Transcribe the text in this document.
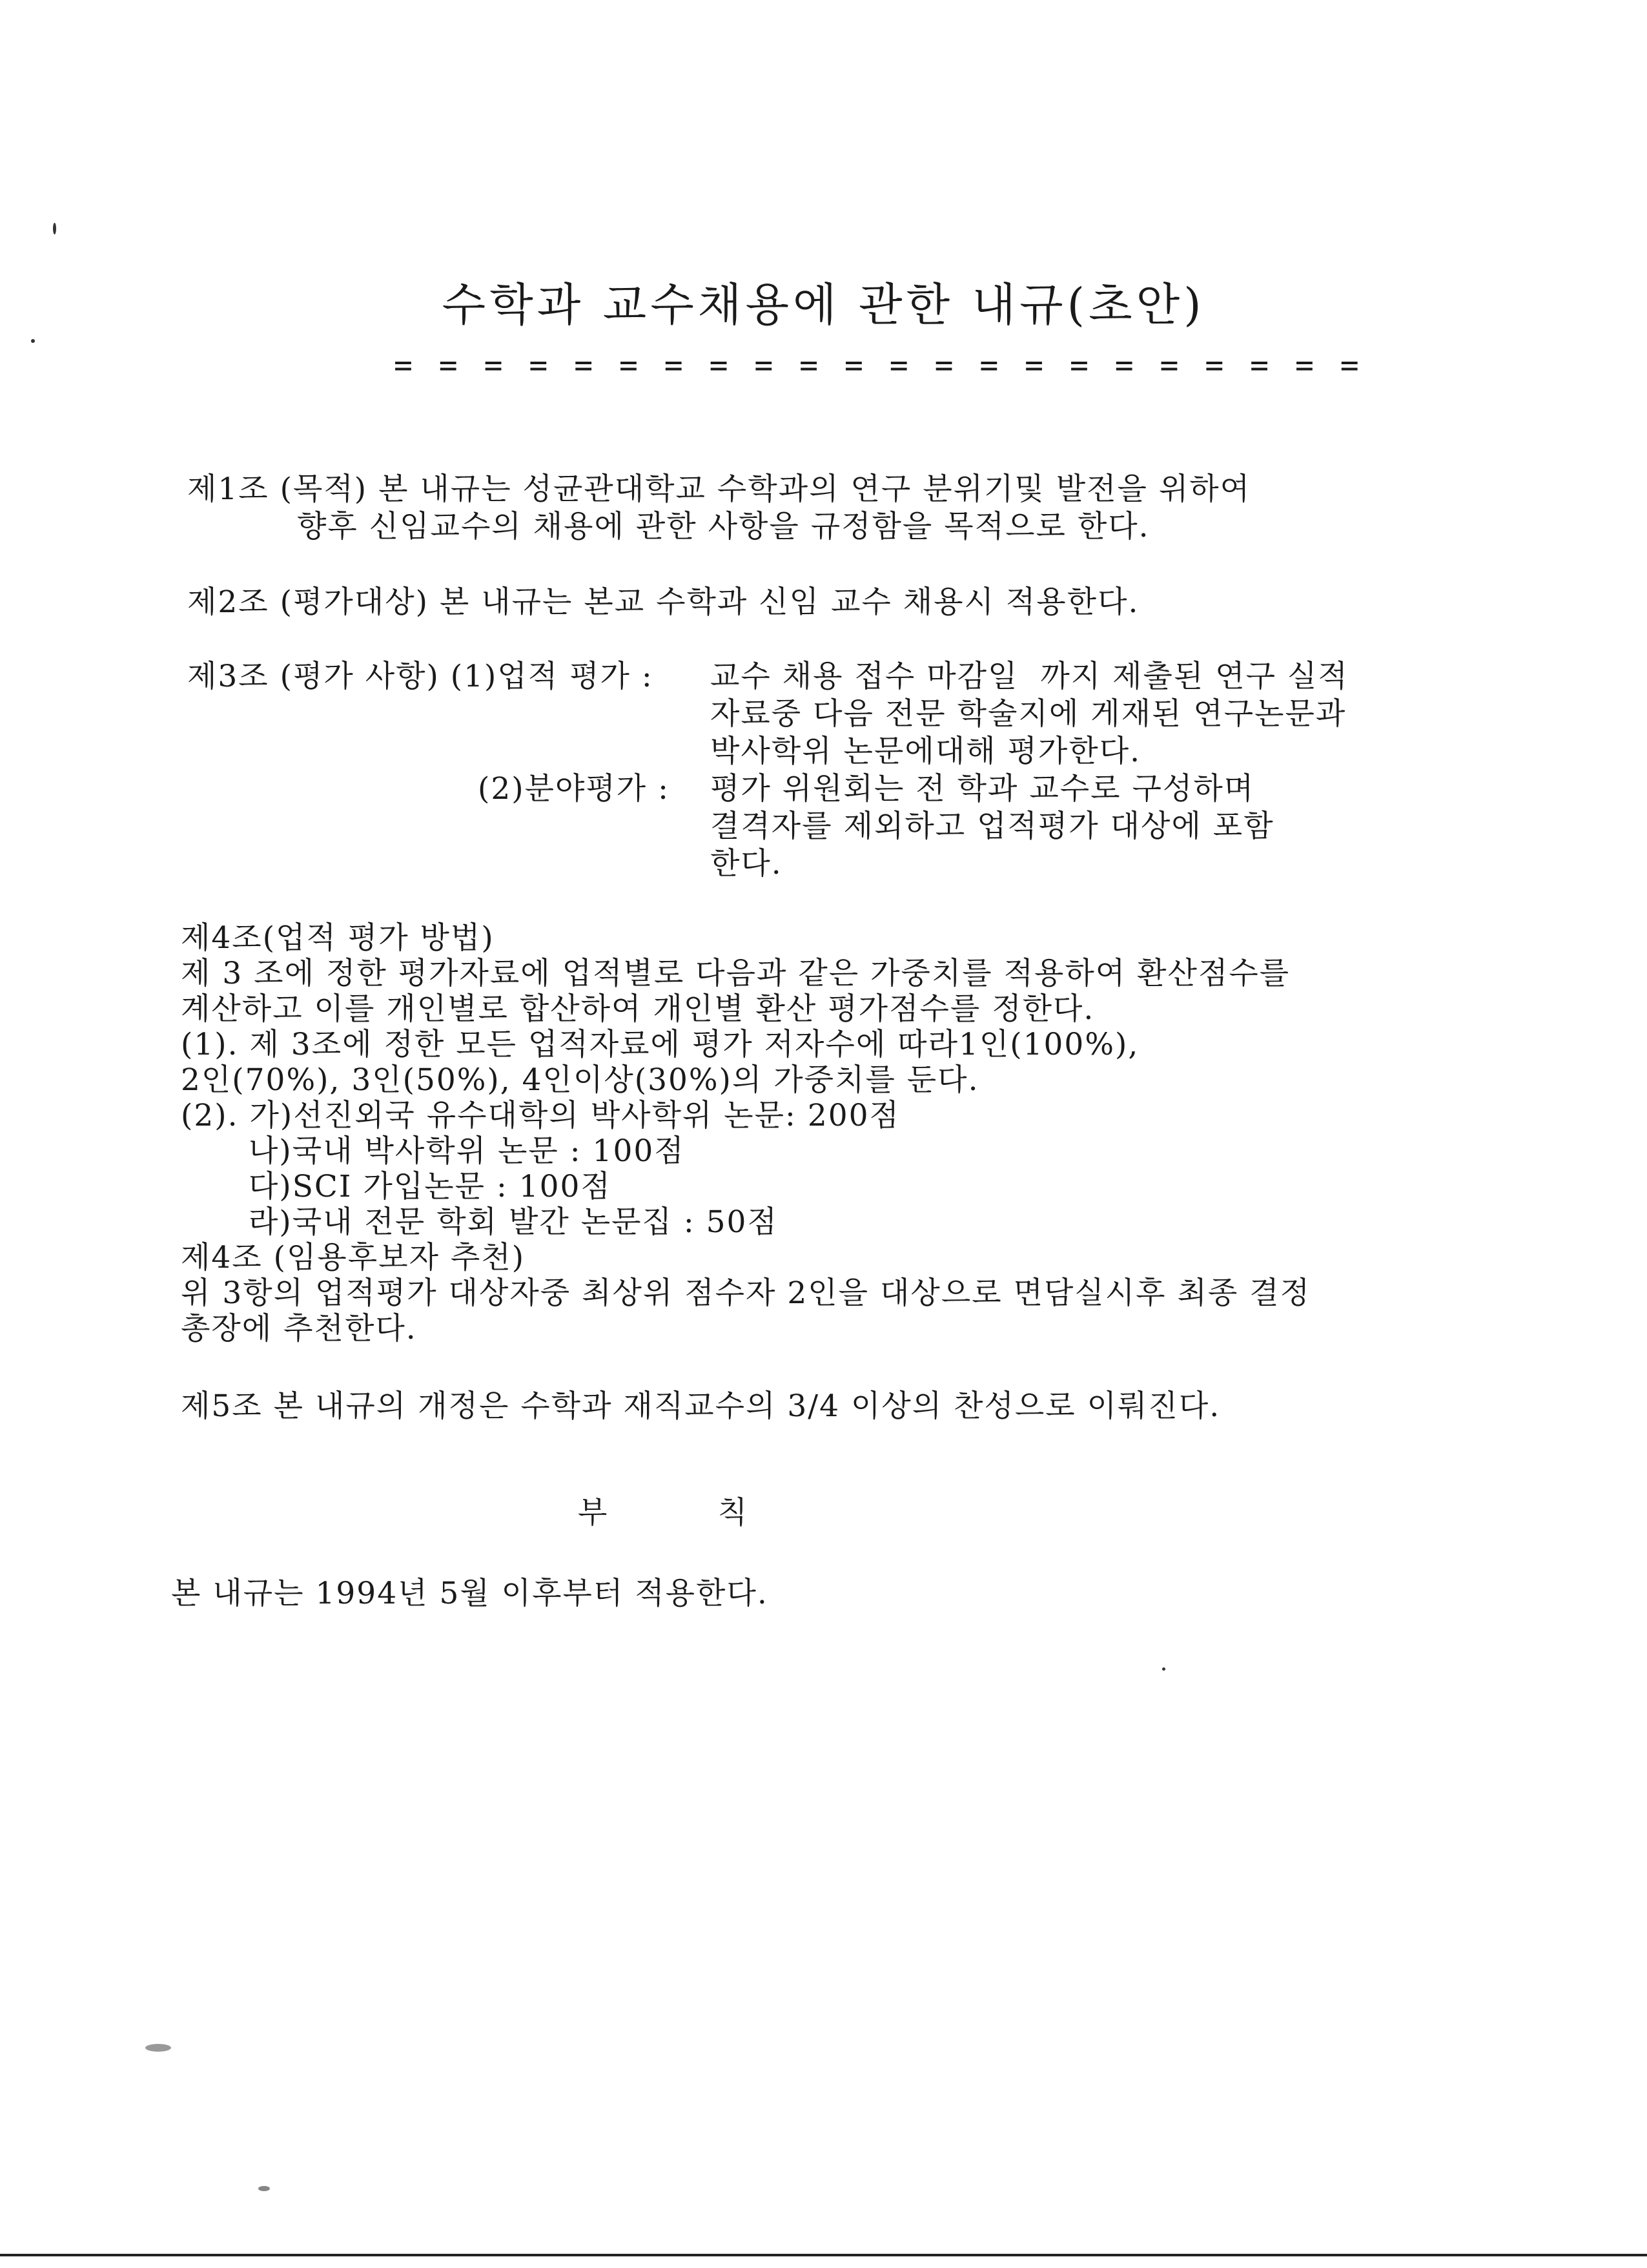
수학과 교수채용에 관한 내규(초안)
= = = = = = = = = = = = = = = = = = = = = =
제1조 (목적) 본 내규는 성균관대학교 수학과의 연구 분위기및 발전을 위하여
향후 신임교수의 채용에 관한 사항을 규정함을 목적으로 한다.
제2조 (평가대상) 본 내규는 본교 수학과 신임 교수 채용시 적용한다.
제3조 (평가 사항) (1)업적 평가 : 교수 채용 접수 마감일  까지 제출된 연구 실적
자료중 다음 전문 학술지에 게재된 연구논문과
박사학위 논문에대해 평가한다.
(2)분야평가 : 평가 위원회는 전 학과 교수로 구성하며
결격자를 제외하고 업적평가 대상에 포함
한다.
제4조(업적 평가 방법)
제 3 조에 정한 평가자료에 업적별로 다음과 같은 가중치를 적용하여 환산점수를
계산하고 이를 개인별로 합산하여 개인별 환산 평가점수를 정한다.
(1). 제 3조에 정한 모든 업적자료에 평가 저자수에 따라1인(100%),
2인(70%), 3인(50%), 4인이상(30%)의 가중치를 둔다.
(2). 가)선진외국 유수대학의 박사학위 논문: 200점
나)국내 박사학위 논문 : 100점
다)SCI 가입논문 : 100점
라)국내 전문 학회 발간 논문집 : 50점
제4조 (임용후보자 추천)
위 3항의 업적평가 대상자중 최상위 점수자 2인을 대상으로 면담실시후 최종 결정
총장에 추천한다.
제5조 본 내규의 개정은 수학과 재직교수의 3/4 이상의 찬성으로 이뤄진다.
부          칙
본 내규는 1994년 5월 이후부터 적용한다.
